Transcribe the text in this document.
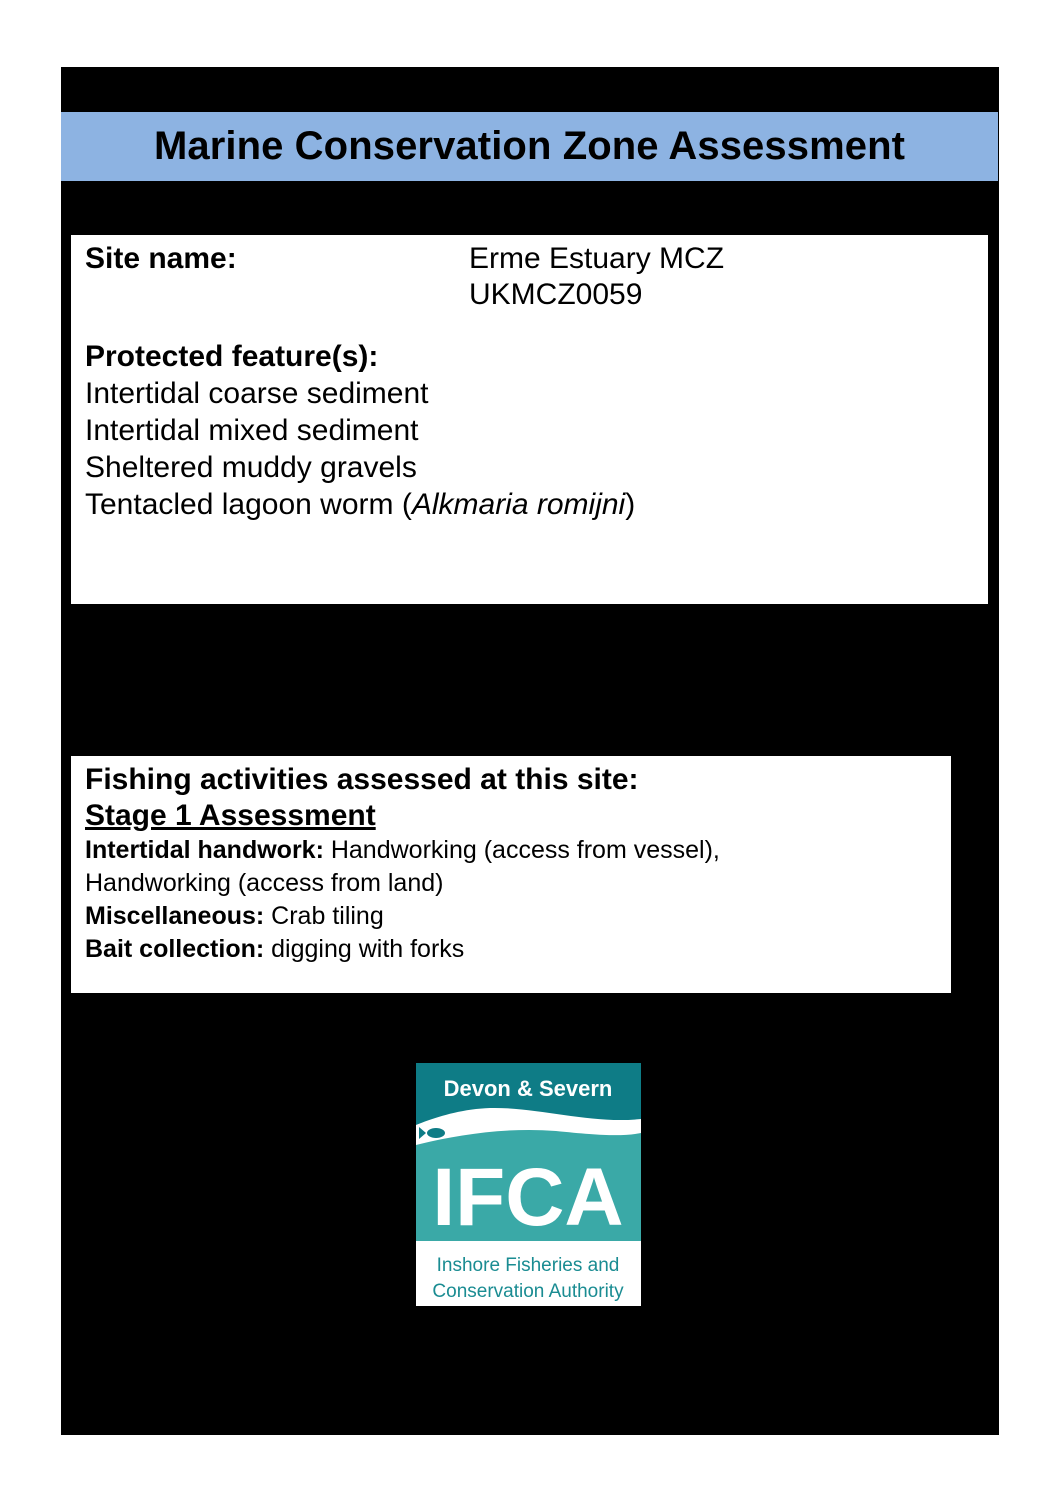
Marine Conservation Zone Assessment
Site name:	Erme Estuary MCZ
UKMCZ0059
Protected feature(s):
Intertidal coarse sediment
Intertidal mixed sediment
Sheltered muddy gravels
Tentacled lagoon worm (Alkmaria romijni)
Fishing activities assessed at this site:
Stage 1 Assessment
Intertidal handwork: Handworking (access from vessel),
Handworking (access from land)
Miscellaneous: Crab tiling
Bait collection: digging with forks
Devon & Severn
IFCA
Inshore Fisheries and
Conservation Authority
